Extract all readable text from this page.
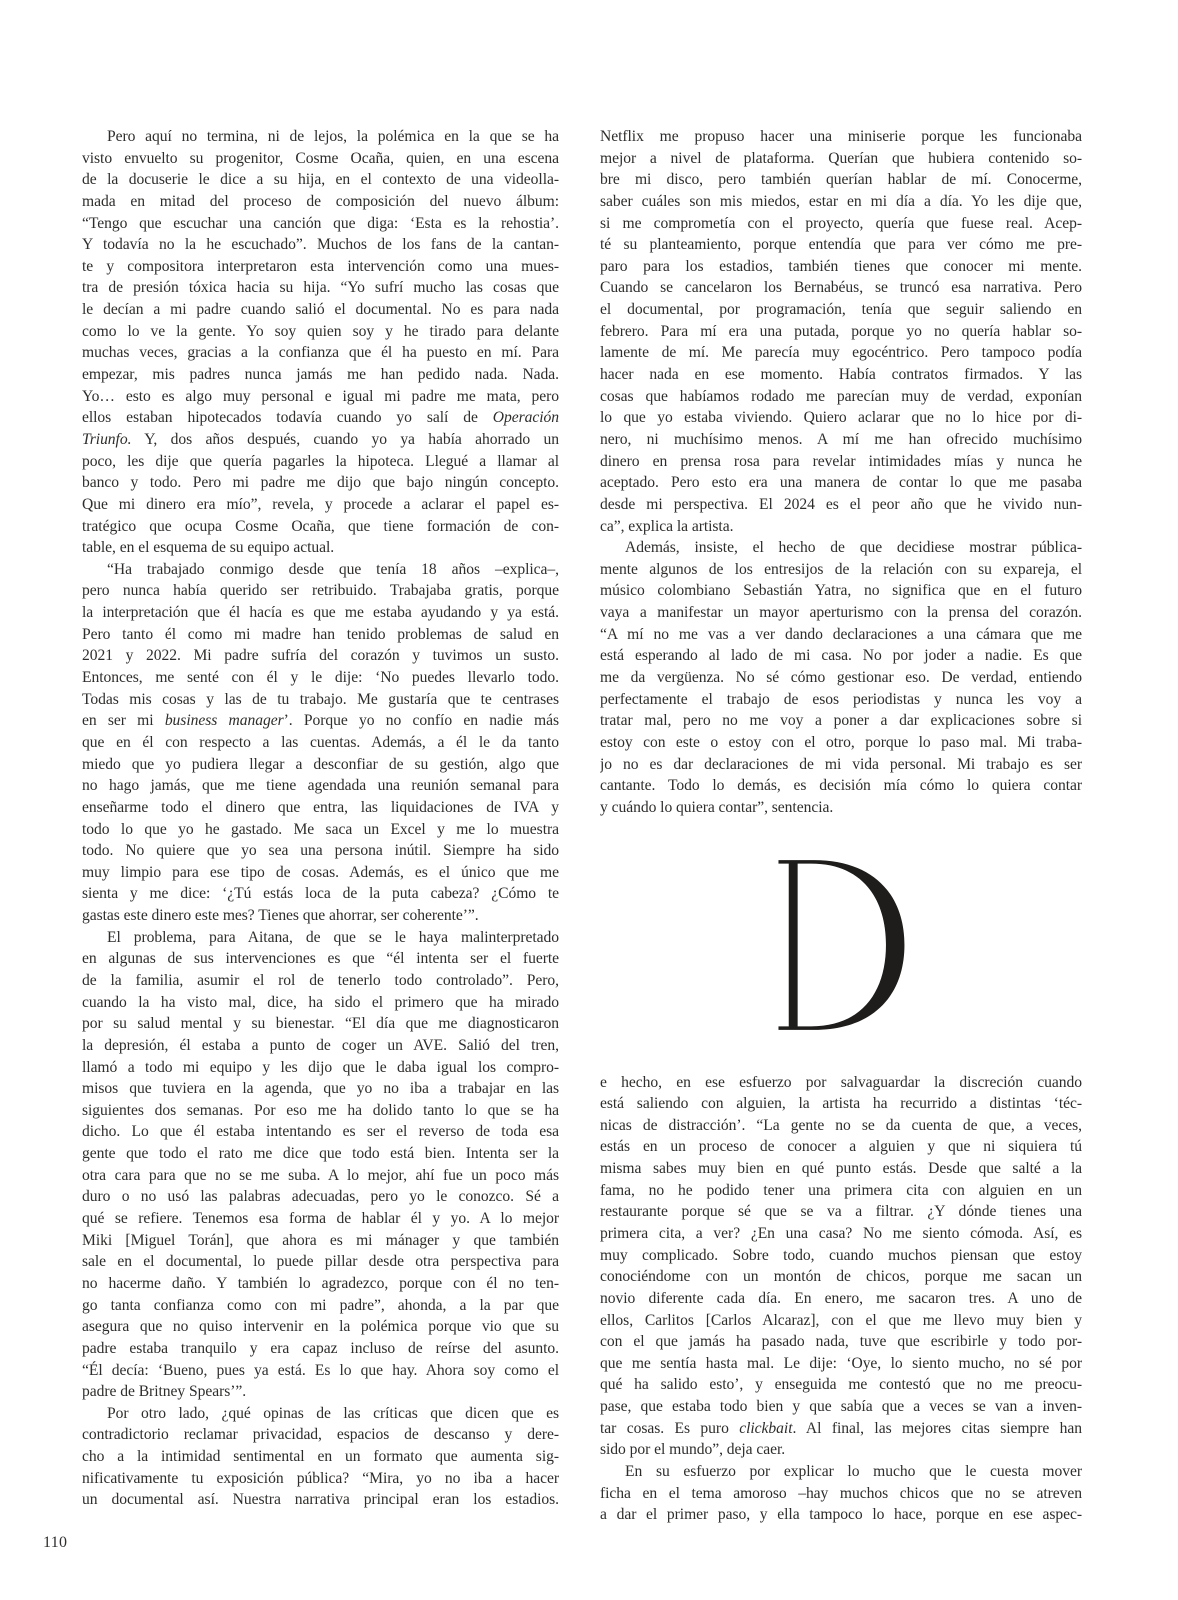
Pero aquí no termina, ni de lejos, la polémica en la que se ha
visto envuelto su progenitor, Cosme Ocaña, quien, en una escena
de la docuserie le dice a su hija, en el contexto de una videolla-
mada en mitad del proceso de composición del nuevo álbum:
“Tengo que escuchar una canción que diga: ‘Esta es la rehostia’.
Y todavía no la he escuchado”. Muchos de los fans de la cantan-
te y compositora interpretaron esta intervención como una mues-
tra de presión tóxica hacia su hija. “Yo sufrí mucho las cosas que
le decían a mi padre cuando salió el documental. No es para nada
como lo ve la gente. Yo soy quien soy y he tirado para delante
muchas veces, gracias a la confianza que él ha puesto en mí. Para
empezar, mis padres nunca jamás me han pedido nada. Nada.
Yo… esto es algo muy personal e igual mi padre me mata, pero
ellos estaban hipotecados todavía cuando yo salí de Operación
Triunfo. Y, dos años después, cuando yo ya había ahorrado un
poco, les dije que quería pagarles la hipoteca. Llegué a llamar al
banco y todo. Pero mi padre me dijo que bajo ningún concepto.
Que mi dinero era mío”, revela, y procede a aclarar el papel es-
tratégico que ocupa Cosme Ocaña, que tiene formación de con-
table, en el esquema de su equipo actual.
“Ha trabajado conmigo desde que tenía 18 años –explica–,
pero nunca había querido ser retribuido. Trabajaba gratis, porque
la interpretación que él hacía es que me estaba ayudando y ya está.
Pero tanto él como mi madre han tenido problemas de salud en
2021 y 2022. Mi padre sufría del corazón y tuvimos un susto.
Entonces, me senté con él y le dije: ‘No puedes llevarlo todo.
Todas mis cosas y las de tu trabajo. Me gustaría que te centrases
en ser mi business manager’. Porque yo no confío en nadie más
que en él con respecto a las cuentas. Además, a él le da tanto
miedo que yo pudiera llegar a desconfiar de su gestión, algo que
no hago jamás, que me tiene agendada una reunión semanal para
enseñarme todo el dinero que entra, las liquidaciones de IVA y
todo lo que yo he gastado. Me saca un Excel y me lo muestra
todo. No quiere que yo sea una persona inútil. Siempre ha sido
muy limpio para ese tipo de cosas. Además, es el único que me
sienta y me dice: ‘¿Tú estás loca de la puta cabeza? ¿Cómo te
gastas este dinero este mes? Tienes que ahorrar, ser coherente’”.
El problema, para Aitana, de que se le haya malinterpretado
en algunas de sus intervenciones es que “él intenta ser el fuerte
de la familia, asumir el rol de tenerlo todo controlado”. Pero,
cuando la ha visto mal, dice, ha sido el primero que ha mirado
por su salud mental y su bienestar. “El día que me diagnosticaron
la depresión, él estaba a punto de coger un AVE. Salió del tren,
llamó a todo mi equipo y les dijo que le daba igual los compro-
misos que tuviera en la agenda, que yo no iba a trabajar en las
siguientes dos semanas. Por eso me ha dolido tanto lo que se ha
dicho. Lo que él estaba intentando es ser el reverso de toda esa
gente que todo el rato me dice que todo está bien. Intenta ser la
otra cara para que no se me suba. A lo mejor, ahí fue un poco más
duro o no usó las palabras adecuadas, pero yo le conozco. Sé a
qué se refiere. Tenemos esa forma de hablar él y yo. A lo mejor
Miki [Miguel Torán], que ahora es mi mánager y que también
sale en el documental, lo puede pillar desde otra perspectiva para
no hacerme daño. Y también lo agradezco, porque con él no ten-
go tanta confianza como con mi padre”, ahonda, a la par que
asegura que no quiso intervenir en la polémica porque vio que su
padre estaba tranquilo y era capaz incluso de reírse del asunto.
“Él decía: ‘Bueno, pues ya está. Es lo que hay. Ahora soy como el
padre de Britney Spears’”.
Por otro lado, ¿qué opinas de las críticas que dicen que es
contradictorio reclamar privacidad, espacios de descanso y dere-
cho a la intimidad sentimental en un formato que aumenta sig-
nificativamente tu exposición pública? “Mira, yo no iba a hacer
un documental así. Nuestra narrativa principal eran los estadios.
Netflix me propuso hacer una miniserie porque les funcionaba
mejor a nivel de plataforma. Querían que hubiera contenido so-
bre mi disco, pero también querían hablar de mí. Conocerme,
saber cuáles son mis miedos, estar en mi día a día. Yo les dije que,
si me comprometía con el proyecto, quería que fuese real. Acep-
té su planteamiento, porque entendía que para ver cómo me pre-
paro para los estadios, también tienes que conocer mi mente.
Cuando se cancelaron los Bernabéus, se truncó esa narrativa. Pero
el documental, por programación, tenía que seguir saliendo en
febrero. Para mí era una putada, porque yo no quería hablar so-
lamente de mí. Me parecía muy egocéntrico. Pero tampoco podía
hacer nada en ese momento. Había contratos firmados. Y las
cosas que habíamos rodado me parecían muy de verdad, exponían
lo que yo estaba viviendo. Quiero aclarar que no lo hice por di-
nero, ni muchísimo menos. A mí me han ofrecido muchísimo
dinero en prensa rosa para revelar intimidades mías y nunca he
aceptado. Pero esto era una manera de contar lo que me pasaba
desde mi perspectiva. El 2024 es el peor año que he vivido nun-
ca”, explica la artista.
Además, insiste, el hecho de que decidiese mostrar pública-
mente algunos de los entresijos de la relación con su expareja, el
músico colombiano Sebastián Yatra, no significa que en el futuro
vaya a manifestar un mayor aperturismo con la prensa del corazón.
“A mí no me vas a ver dando declaraciones a una cámara que me
está esperando al lado de mi casa. No por joder a nadie. Es que
me da vergüenza. No sé cómo gestionar eso. De verdad, entiendo
perfectamente el trabajo de esos periodistas y nunca les voy a
tratar mal, pero no me voy a poner a dar explicaciones sobre si
estoy con este o estoy con el otro, porque lo paso mal. Mi traba-
jo no es dar declaraciones de mi vida personal. Mi trabajo es ser
cantante. Todo lo demás, es decisión mía cómo lo quiera contar
y cuándo lo quiera contar”, sentencia.
e hecho, en ese esfuerzo por salvaguardar la discreción cuando
está saliendo con alguien, la artista ha recurrido a distintas ‘téc-
nicas de distracción’. “La gente no se da cuenta de que, a veces,
estás en un proceso de conocer a alguien y que ni siquiera tú
misma sabes muy bien en qué punto estás. Desde que salté a la
fama, no he podido tener una primera cita con alguien en un
restaurante porque sé que se va a filtrar. ¿Y dónde tienes una
primera cita, a ver? ¿En una casa? No me siento cómoda. Así, es
muy complicado. Sobre todo, cuando muchos piensan que estoy
conociéndome con un montón de chicos, porque me sacan un
novio diferente cada día. En enero, me sacaron tres. A uno de
ellos, Carlitos [Carlos Alcaraz], con el que me llevo muy bien y
con el que jamás ha pasado nada, tuve que escribirle y todo por-
que me sentía hasta mal. Le dije: ‘Oye, lo siento mucho, no sé por
qué ha salido esto’, y enseguida me contestó que no me preocu-
pase, que estaba todo bien y que sabía que a veces se van a inven-
tar cosas. Es puro clickbait. Al final, las mejores citas siempre han
sido por el mundo”, deja caer.
En su esfuerzo por explicar lo mucho que le cuesta mover
ficha en el tema amoroso –hay muchos chicos que no se atreven
a dar el primer paso, y ella tampoco lo hace, porque en ese aspec-
110
